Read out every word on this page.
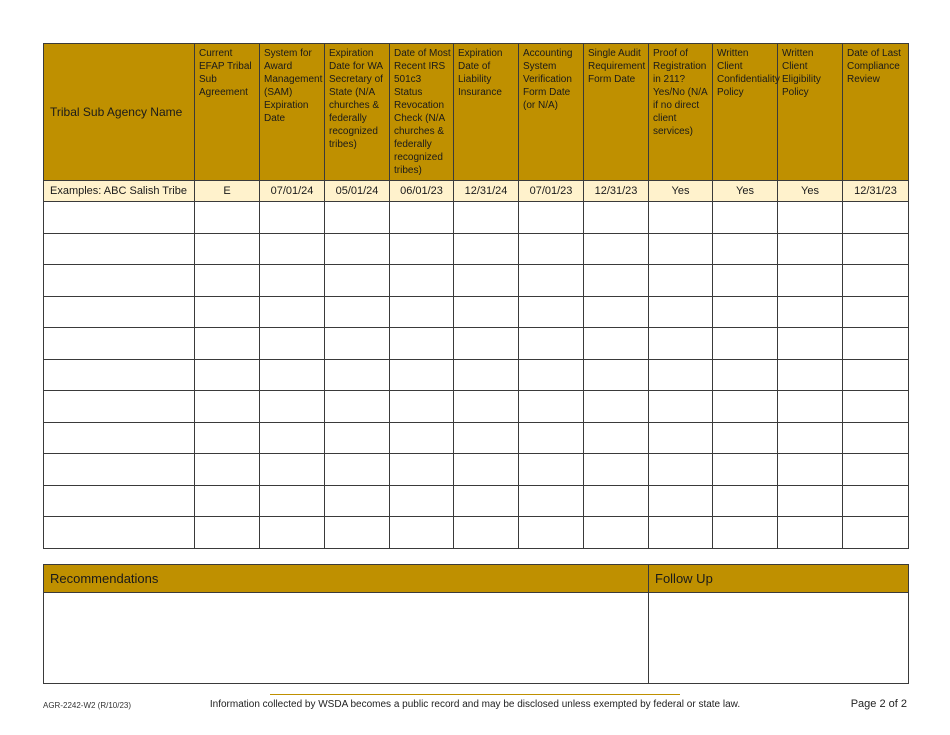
Tribal Sub Agency Name	Current EFAP Tribal Sub Agreement	System for Award Management (SAM) Expiration Date	Expiration Date for WA Secretary of State (N/A churches & federally recognized tribes)	Date of Most Recent IRS 501c3 Status Revocation Check (N/A churches & federally recognized tribes)	Expiration Date of Liability Insurance	Accounting System Verification Form Date (or N/A)	Single Audit Requirement Form Date	Proof of Registration in 211? Yes/No (N/A if no direct client services)	Written Client Confidentiality Policy	Written Client Eligibility Policy	Date of Last Compliance Review
Examples: ABC Salish Tribe	E	07/01/24	05/01/24	06/01/23	12/31/24	07/01/23	12/31/23	Yes	Yes	Yes	12/31/23

Recommendations	Follow Up

AGR-2242-W2 (R/10/23)	Information collected by WSDA becomes a public record and may be disclosed unless exempted by federal or state law.	Page 2 of 2
